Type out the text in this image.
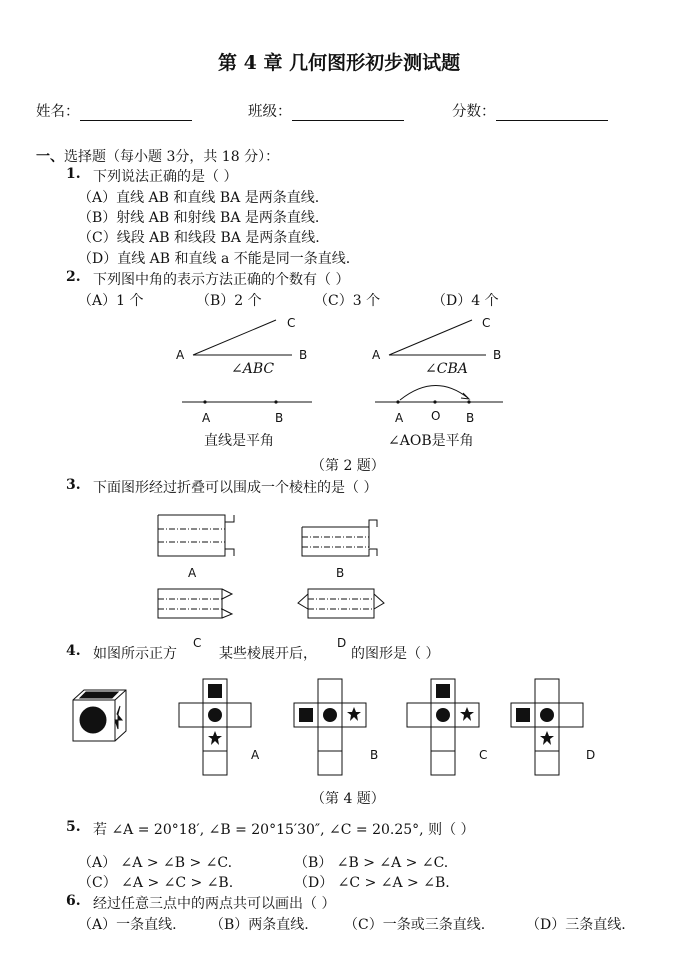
第 4 章 几何图形初步测试题
姓名：	班级：	分数：
一、选择题（每小题 3分，共 18 分）：
1. 下列说法正确的是（ ）
（A）直线 AB 和直线 BA 是两条直线.
（B）射线 AB 和射线 BA 是两条直线.
（C）线段 AB 和线段 BA 是两条直线.
（D）直线 AB 和直线 a 不能是同一条直线.
2. 下列图中角的表示方法正确的个数有（ ）
（A）1 个	（B）2 个	（C）3 个	（D）4 个
A	B
C
∠ABC
A	B
C
∠CBA
A	B
直线是平角
A O B
∠AOB是平角
（第 2 题）
3. 下面图形经过折叠可以围成一个棱柱的是（ ）
A	B
4. 如图所示正方	某些棱展开后， 的图形是（ ）
C	D
A	B	C	D
（第 4 题）
5. 若 ∠A = 20°18′, ∠B = 20°15′30″, ∠C = 20.25°, 则（ ）
（A） ∠A > ∠B > ∠C.	（B） ∠B > ∠A > ∠C.
（C） ∠A > ∠C > ∠B.	（D） ∠C > ∠A > ∠B.
6. 经过任意三点中的两点共可以画出（ ）
（A）一条直线. （B）两条直线.	（C）一条或三条直线.	（D）三条直线.
